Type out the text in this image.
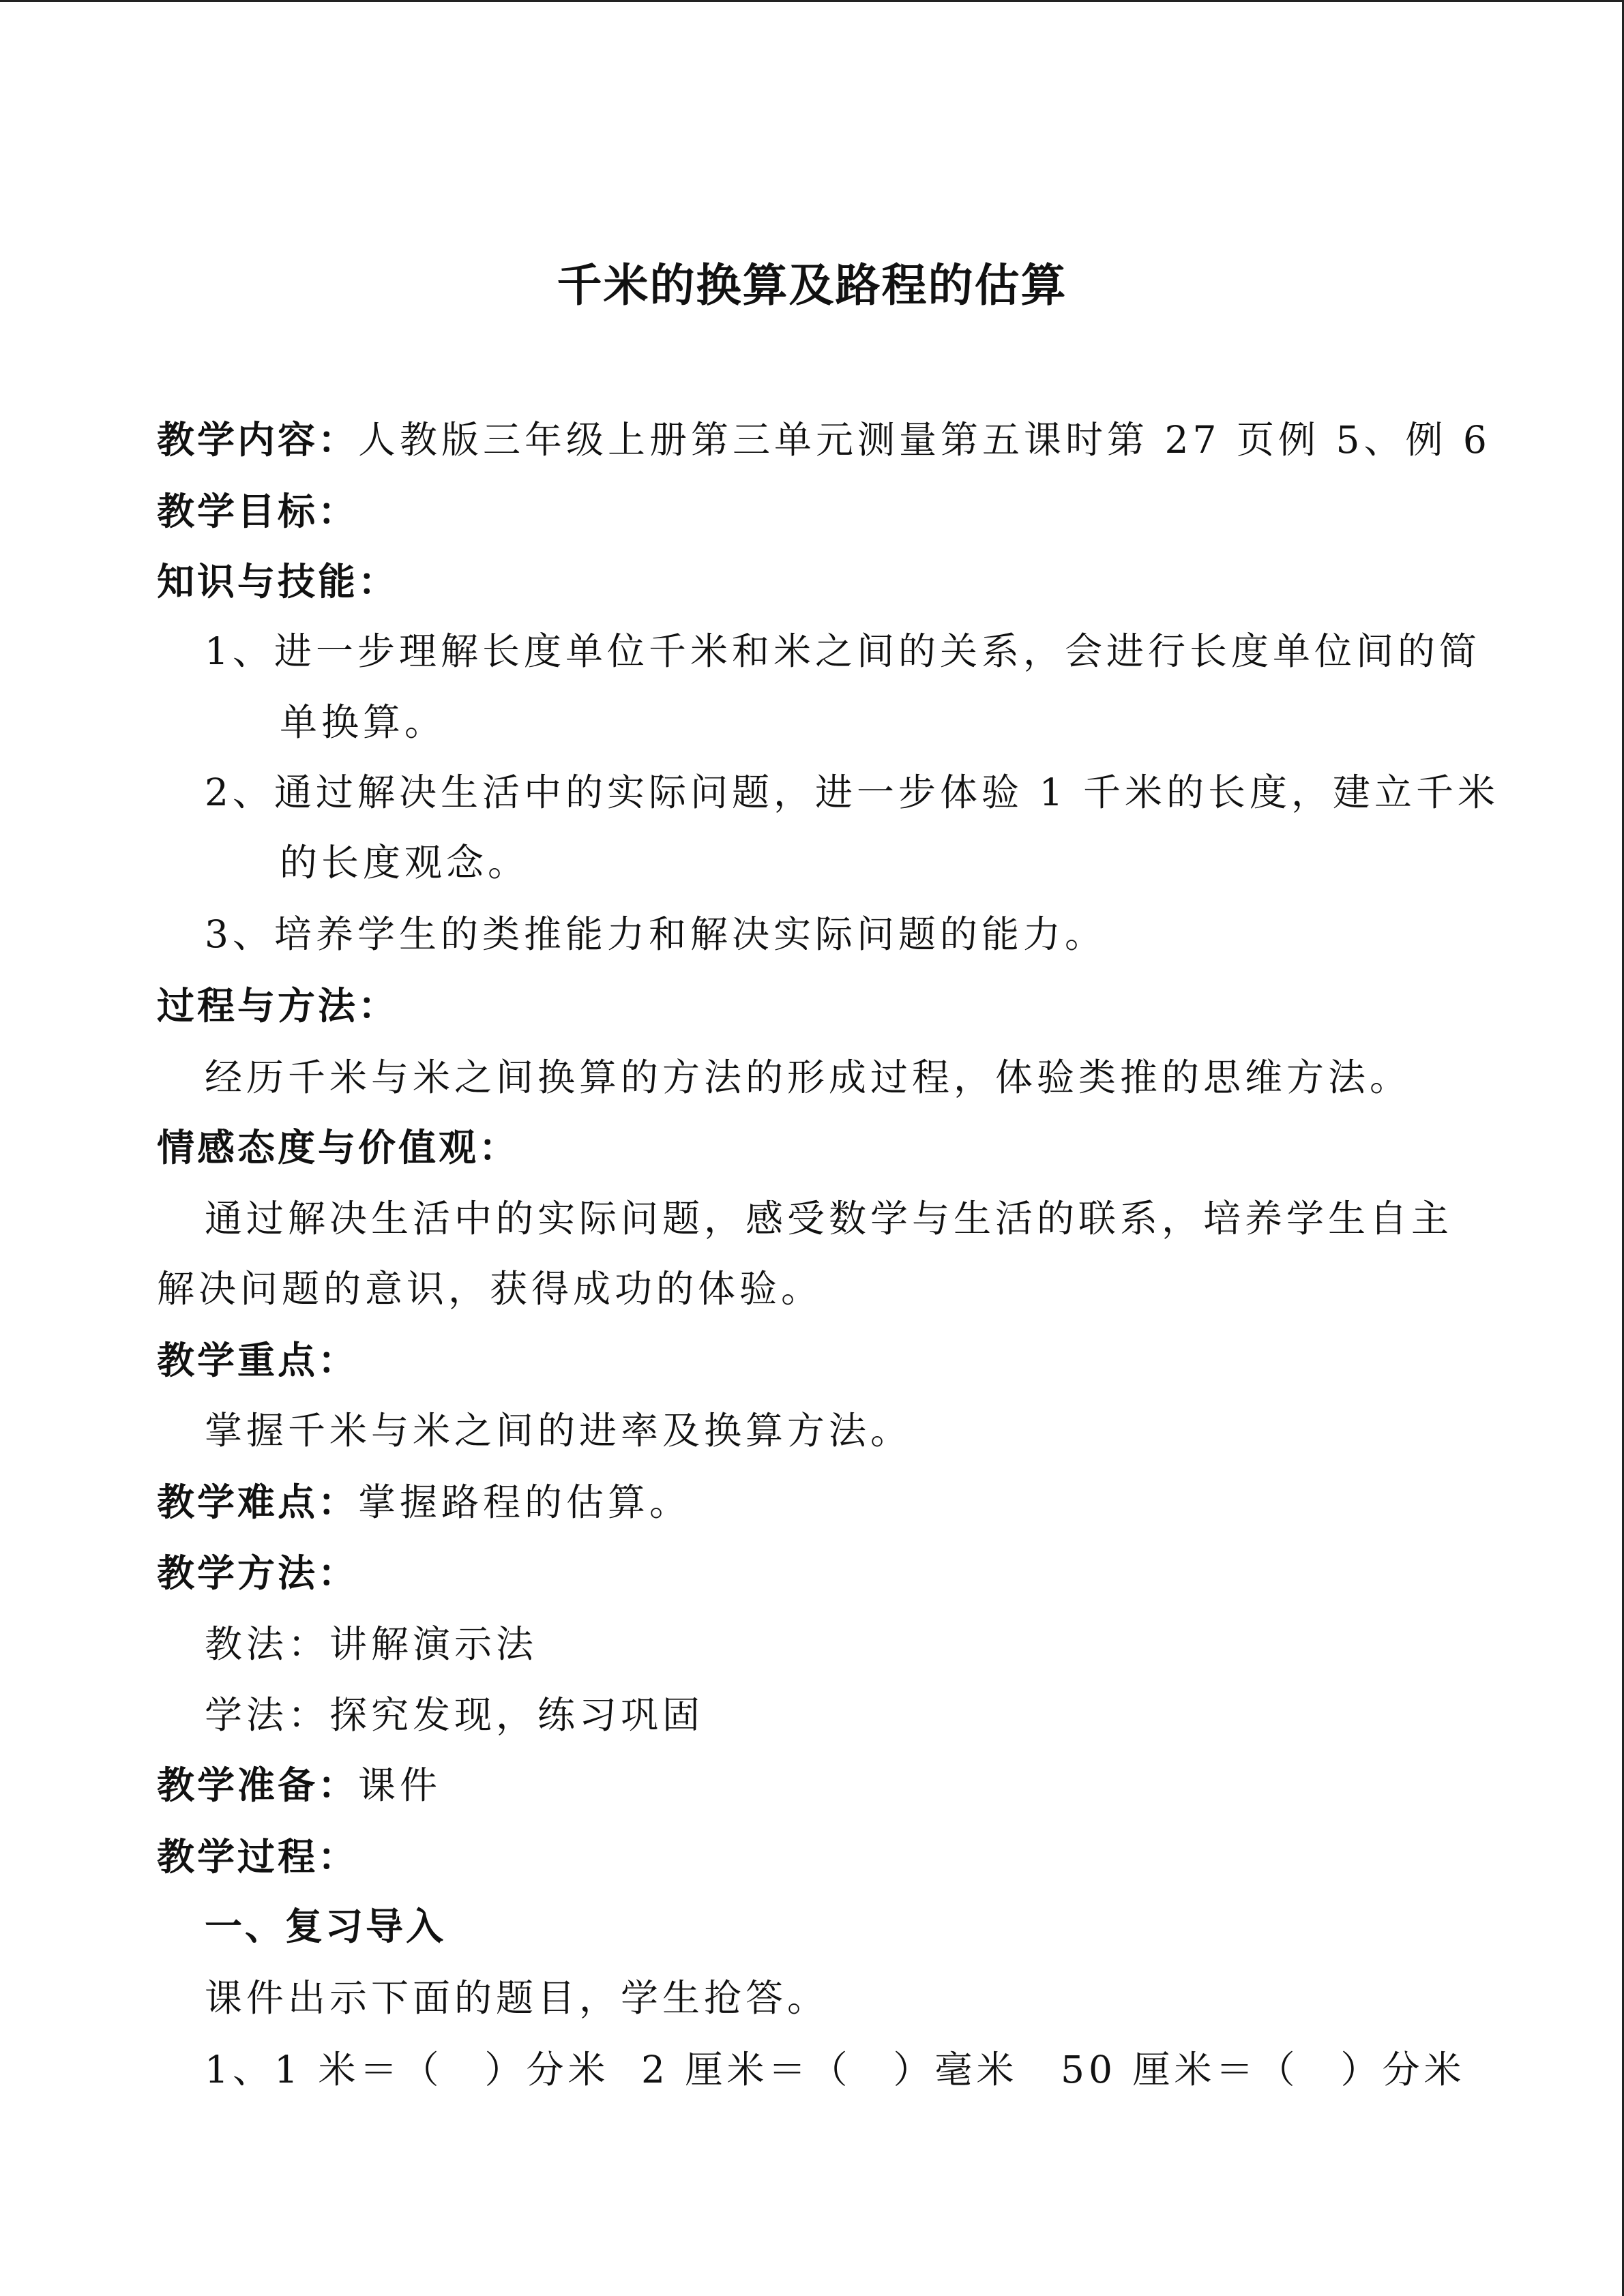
千米的换算及路程的估算
教学内容：人教版三年级上册第三单元测量第五课时第 27 页例 5、例 6
教学目标：
知识与技能：
1、进一步理解长度单位千米和米之间的关系，会进行长度单位间的简
单换算。
2、通过解决生活中的实际问题，进一步体验 1 千米的长度，建立千米
的长度观念。
3、培养学生的类推能力和解决实际问题的能力。
过程与方法：
经历千米与米之间换算的方法的形成过程，体验类推的思维方法。
情感态度与价值观：
通过解决生活中的实际问题，感受数学与生活的联系，培养学生自主
解决问题的意识，获得成功的体验。
教学重点：
掌握千米与米之间的进率及换算方法。
教学难点：掌握路程的估算。
教学方法：
教法：讲解演示法
学法：探究发现，练习巩固
教学准备：课件
教学过程：
一、复习导入
课件出示下面的题目，学生抢答。
1、1 米＝（　）分米 2 厘米＝（　）毫米 50 厘米＝（　）分米
